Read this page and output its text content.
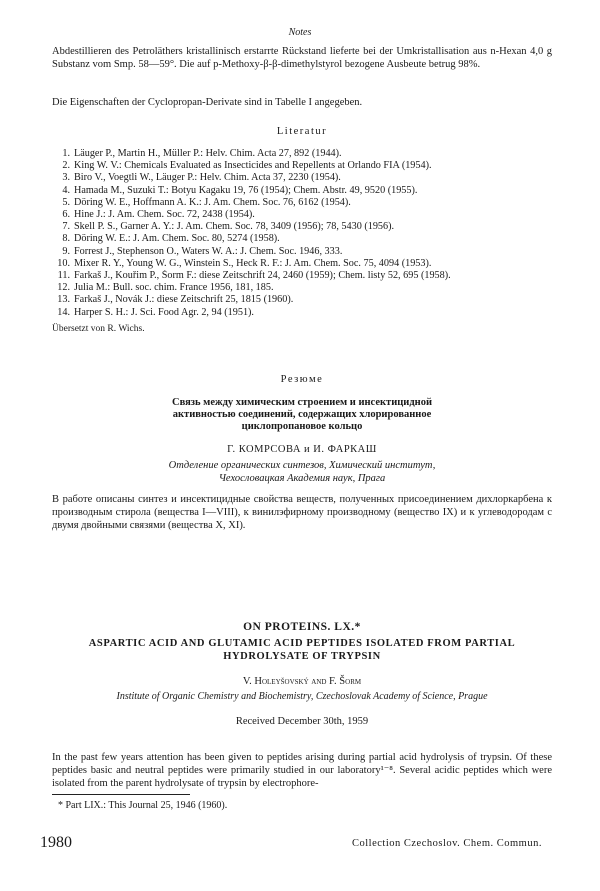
Notes
Abdestillieren des Petroläthers kristallinisch erstarrte Rückstand lieferte bei der Umkristallisation aus n-Hexan 4,0 g Substanz vom Smp. 58—59°. Die auf p-Methoxy-β-β-dimethylstyrol bezogene Ausbeute betrug 98%.
Die Eigenschaften der Cyclopropan-Derivate sind in Tabelle I angegeben.
Literatur
1. Läuger P., Martin H., Müller P.: Helv. Chim. Acta 27, 892 (1944).
2. King W. V.: Chemicals Evaluated as Insecticides and Repellents at Orlando FIA (1954).
3. Biro V., Voegtli W., Läuger P.: Helv. Chim. Acta 37, 2230 (1954).
4. Hamada M., Suzuki T.: Botyu Kagaku 19, 76 (1954); Chem. Abstr. 49, 9520 (1955).
5. Döring W. E., Hoffmann A. K.: J. Am. Chem. Soc. 76, 6162 (1954).
6. Hine J.: J. Am. Chem. Soc. 72, 2438 (1954).
7. Skell P. S., Garner A. Y.: J. Am. Chem. Soc. 78, 3409 (1956); 78, 5430 (1956).
8. Döring W. E.: J. Am. Chem. Soc. 80, 5274 (1958).
9. Forrest J., Stephenson O., Waters W. A.: J. Chem. Soc. 1946, 333.
10. Mixer R. Y., Young W. G., Winstein S., Heck R. F.: J. Am. Chem. Soc. 75, 4094 (1953).
11. Farkaš J., Kouřim P., Šorm F.: diese Zeitschrift 24, 2460 (1959); Chem. listy 52, 695 (1958).
12. Julia M.: Bull. soc. chim. France 1956, 181, 185.
13. Farkaš J., Novák J.: diese Zeitschrift 25, 1815 (1960).
14. Harper S. H.: J. Sci. Food Agr. 2, 94 (1951).
Übersetzt von R. Wichs.
Резюме
Связь между химическим строением и инсектицидной
активностью соединений, содержащих хлорированное
циклопропановое кольцо
Г. КОМРСОВА и И. ФАРКАШ
Отделение органических синтезов, Химический институт,
Чехословацкая Академия наук, Прага
В работе описаны синтез и инсектицидные свойства веществ, полученных присоединением дихлоркарбена к производным стирола (вещества I—VIII), к винилэфирному производному (вещество IX) и к углеводородам с двумя двойными связями (вещества X, XI).
ON PROTEINS. LX.*
ASPARTIC ACID AND GLUTAMIC ACID PEPTIDES ISOLATED FROM PARTIAL
HYDROLYSATE OF TRYPSIN
V. Holeyšovský and F. Šorm
Institute of Organic Chemistry and Biochemistry, Czechoslovak Academy of Science, Prague
Received December 30th, 1959
In the past few years attention has been given to peptides arising during partial acid hydrolysis of trypsin. Of these peptides basic and neutral peptides were primarily studied in our laboratory¹⁻⁸. Several acidic peptides which were isolated from the parent hydrolysate of trypsin by electrophore-
* Part LIX.: This Journal 25, 1946 (1960).
1980	Collection Czechoslov. Chem. Commun.
